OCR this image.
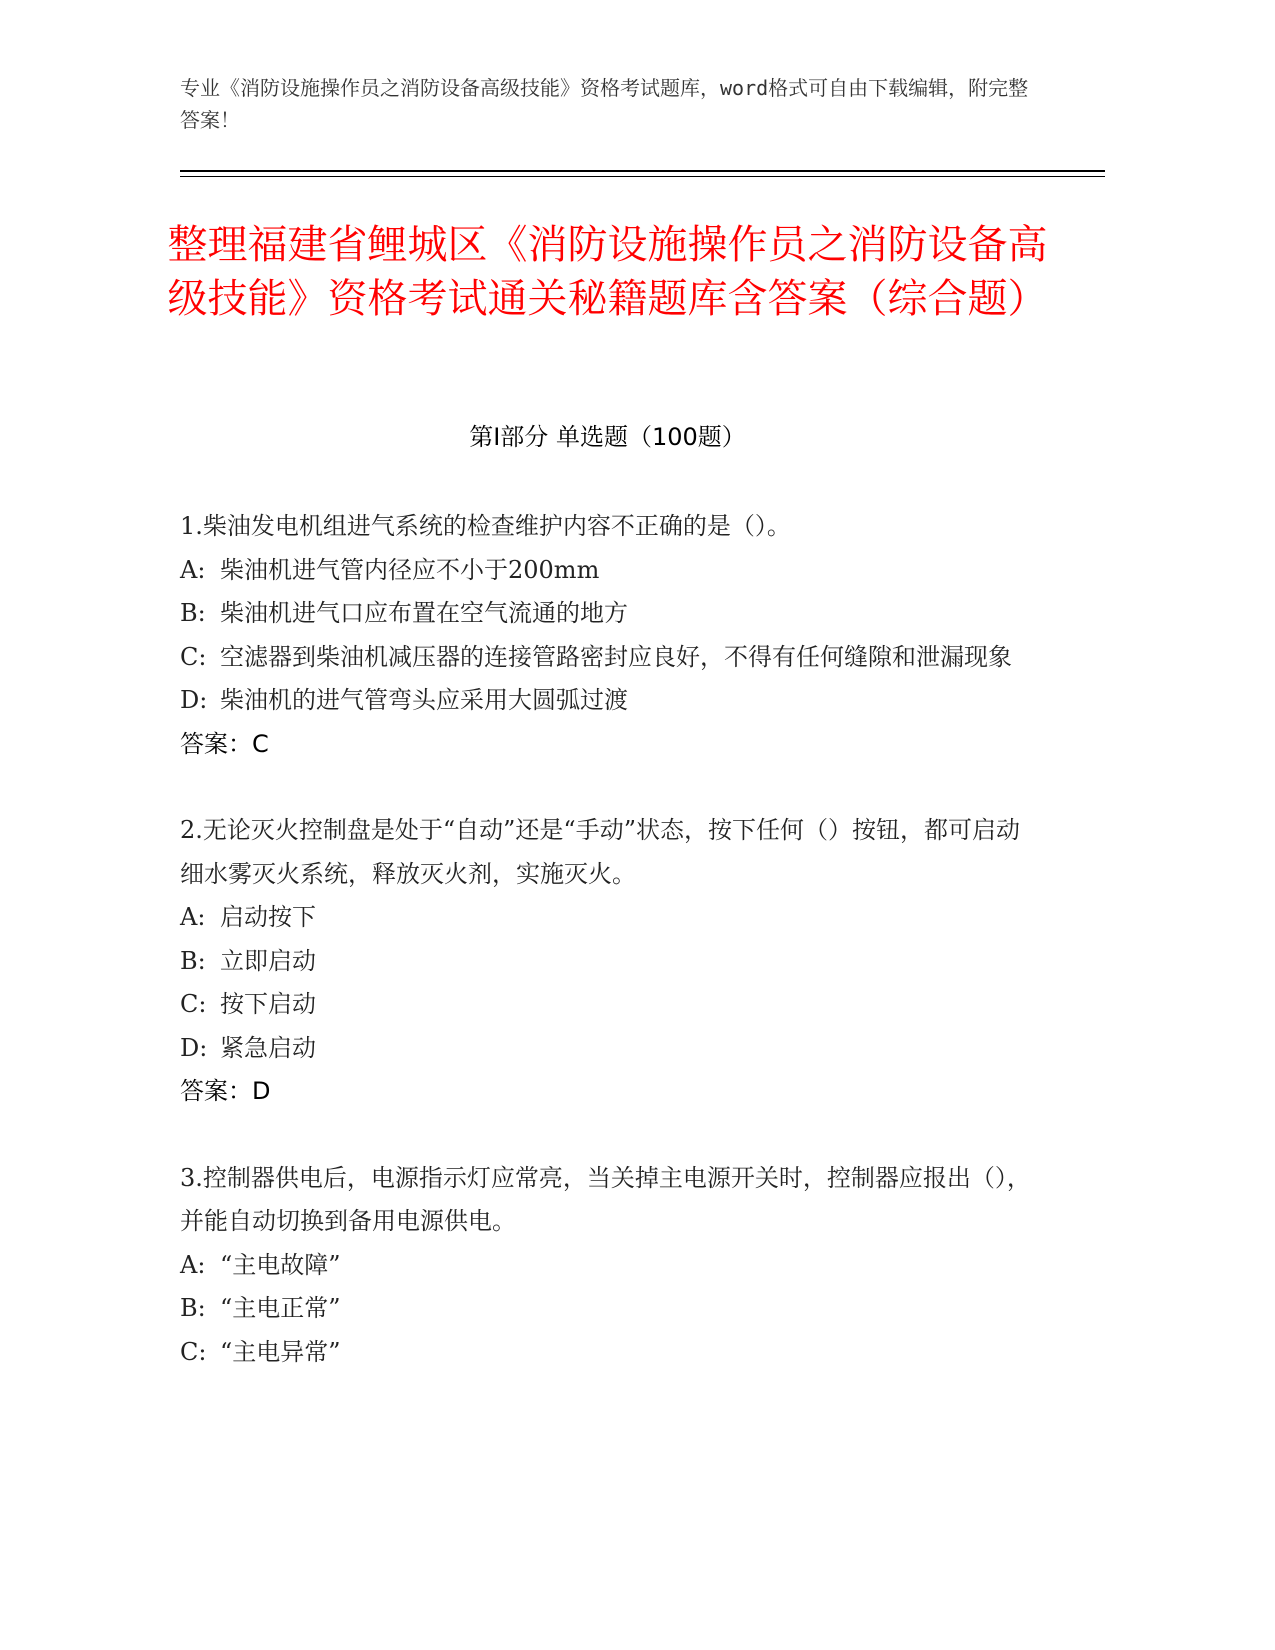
专业《消防设施操作员之消防设备高级技能》资格考试题库，word格式可自由下载编辑，附完整答案！
整理福建省鲤城区《消防设施操作员之消防设备高级技能》资格考试通关秘籍题库含答案（综合题）
第Ⅰ部分 单选题（100题）

1.柴油发电机组进气系统的检查维护内容不正确的是（）。

A: 柴油机进气管内径应不小于200mm

B: 柴油机进气口应布置在空气流通的地方

C: 空滤器到柴油机减压器的连接管路密封应良好，不得有任何缝隙和泄漏现象

D: 柴油机的进气管弯头应采用大圆弧过渡

答案：C

2.无论灭火控制盘是处于“自动”还是“手动”状态，按下任何（）按钮，都可启动细水雾灭火系统，释放灭火剂，实施灭火。

A: 启动按下

B: 立即启动

C: 按下启动

D: 紧急启动

答案：D

3.控制器供电后，电源指示灯应常亮，当关掉主电源开关时，控制器应报出（），并能自动切换到备用电源供电。

A: “主电故障”

B: “主电正常”

C: “主电异常”
